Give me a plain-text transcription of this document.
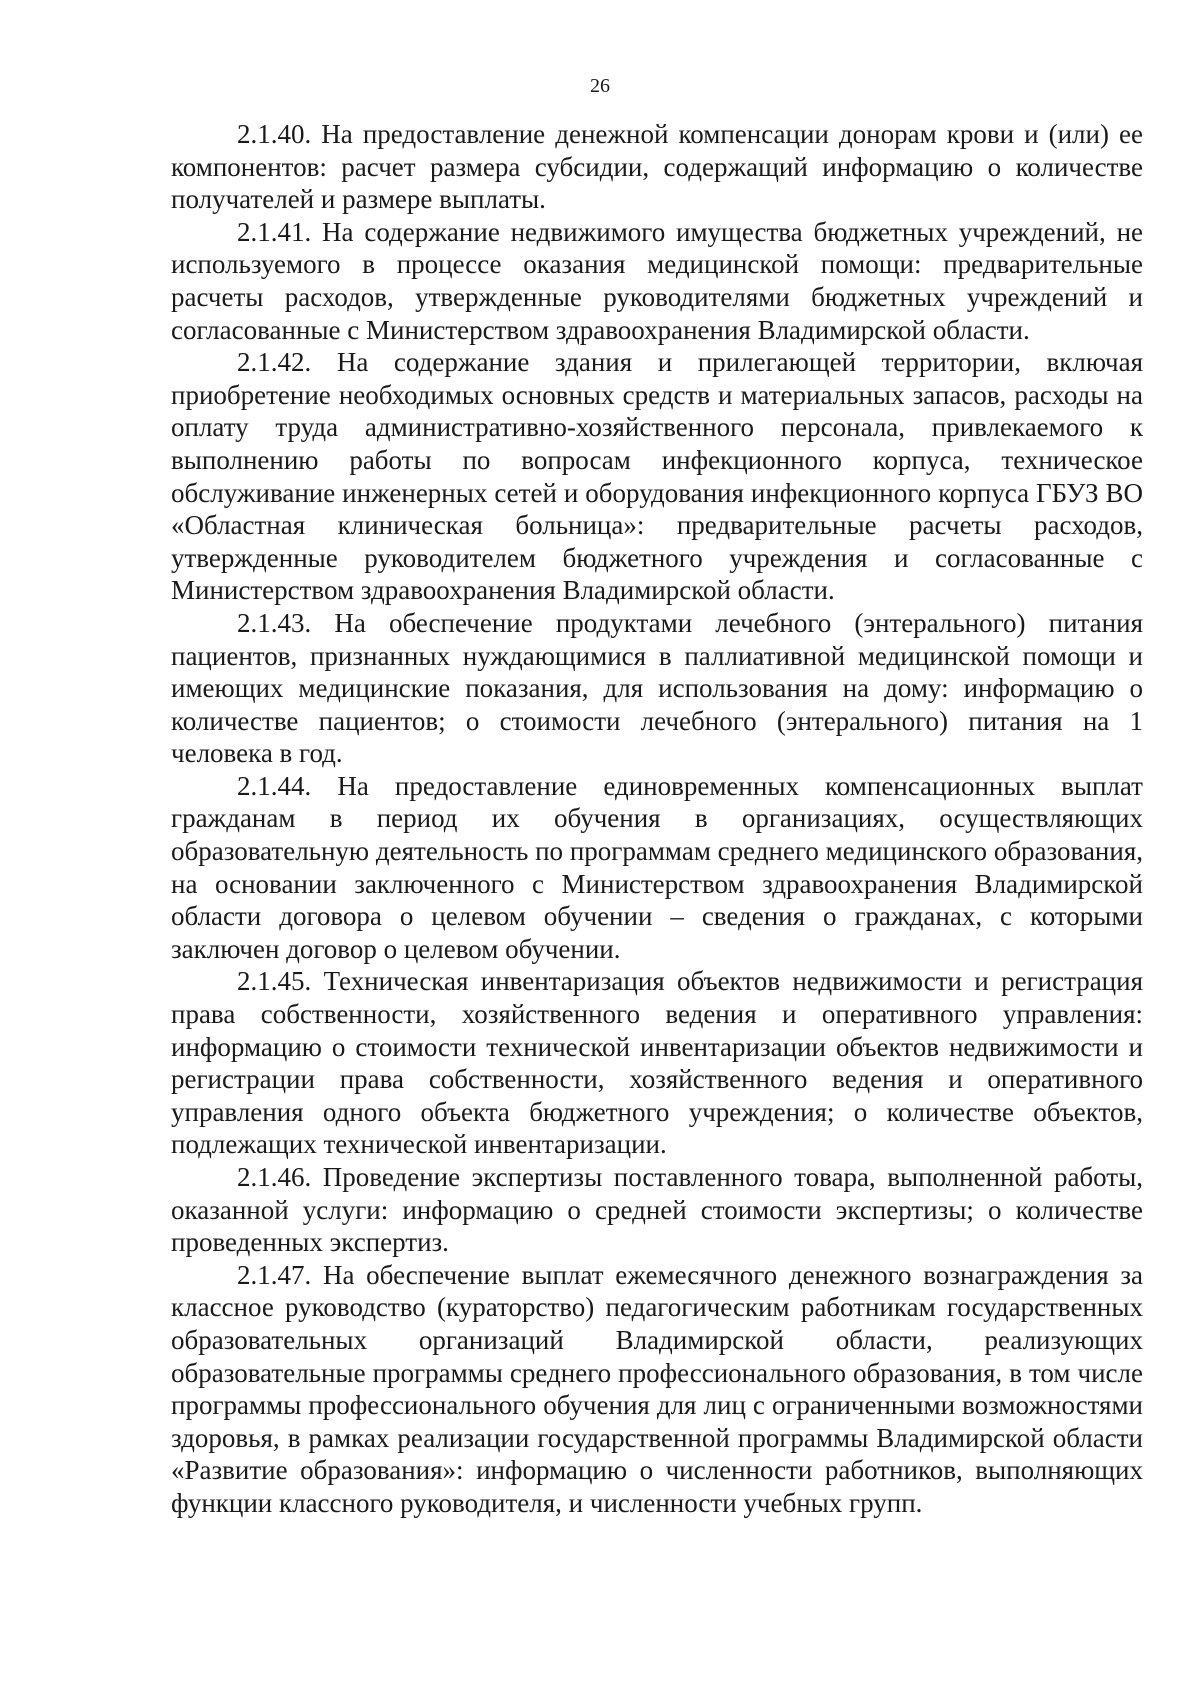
26

2.1.40. На предоставление денежной компенсации донорам крови и (или) ее компонентов: расчет размера субсидии, содержащий информацию о количестве получателей и размере выплаты.

2.1.41. На содержание недвижимого имущества бюджетных учреждений, не используемого в процессе оказания медицинской помощи: предварительные расчеты расходов, утвержденные руководителями бюджетных учреждений и согласованные с Министерством здравоохранения Владимирской области.

2.1.42. На содержание здания и прилегающей территории, включая приобретение необходимых основных средств и материальных запасов, расходы на оплату труда административно-хозяйственного персонала, привлекаемого к выполнению работы по вопросам инфекционного корпуса, техническое обслуживание инженерных сетей и оборудования инфекционного корпуса ГБУЗ ВО «Областная клиническая больница»: предварительные расчеты расходов, утвержденные руководителем бюджетного учреждения и согласованные с Министерством здравоохранения Владимирской области.

2.1.43. На обеспечение продуктами лечебного (энтерального) питания пациентов, признанных нуждающимися в паллиативной медицинской помощи и имеющих медицинские показания, для использования на дому: информацию о количестве пациентов; о стоимости лечебного (энтерального) питания на 1 человека в год.

2.1.44. На предоставление единовременных компенсационных выплат гражданам в период их обучения в организациях, осуществляющих образовательную деятельность по программам среднего медицинского образования, на основании заключенного с Министерством здравоохранения Владимирской области договора о целевом обучении – сведения о гражданах, с которыми заключен договор о целевом обучении.

2.1.45. Техническая инвентаризация объектов недвижимости и регистрация права собственности, хозяйственного ведения и оперативного управления: информацию о стоимости технической инвентаризации объектов недвижимости и регистрации права собственности, хозяйственного ведения и оперативного управления одного объекта бюджетного учреждения; о количестве объектов, подлежащих технической инвентаризации.

2.1.46. Проведение экспертизы поставленного товара, выполненной работы, оказанной услуги: информацию о средней стоимости экспертизы; о количестве проведенных экспертиз.

2.1.47. На обеспечение выплат ежемесячного денежного вознаграждения за классное руководство (кураторство) педагогическим работникам государственных образовательных организаций Владимирской области, реализующих образовательные программы среднего профессионального образования, в том числе программы профессионального обучения для лиц с ограниченными возможностями здоровья, в рамках реализации государственной программы Владимирской области «Развитие образования»: информацию о численности работников, выполняющих функции классного руководителя, и численности учебных групп.
